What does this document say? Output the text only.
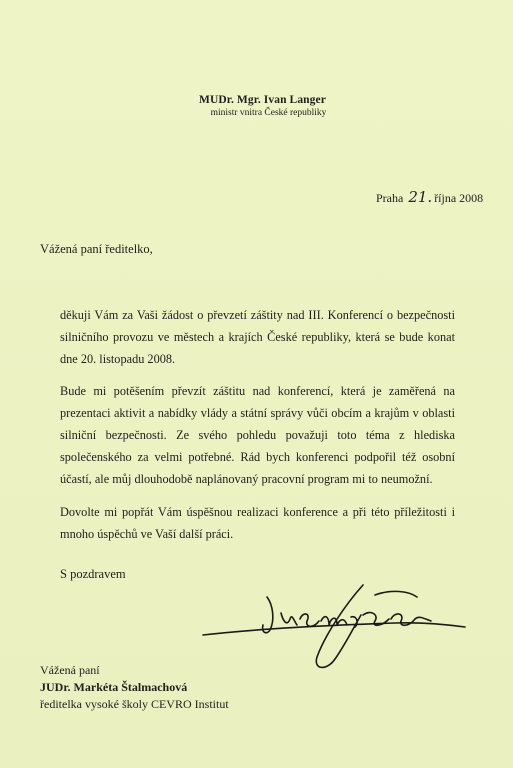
MUDr. Mgr. Ivan Langer
ministr vnitra České republiky
Praha 21. října 2008
Vážená paní ředitelko,
děkuji Vám za Vaši žádost o převzetí záštity nad III. Konferencí o bezpečnosti silničního provozu ve městech a krajích České republiky, která se bude konat dne 20. listopadu 2008.
Bude mi potěšením převzít záštitu nad konferencí, která je zaměřená na prezentaci aktivit a nabídky vlády a státní správy vůči obcím a krajům v oblasti silniční bezpečnosti. Ze svého pohledu považuji toto téma z hlediska společenského za velmi potřebné. Rád bych konferenci podpořil též osobní účastí, ale můj dlouhodobě naplánovaný pracovní program mi to neumožní.
Dovolte mi popřát Vám úspěšnou realizaci konference a při této příležitosti i mnoho úspěchů ve Vaší další práci.
S pozdravem
Vážená paní
JUDr. Markéta Štalmachová
ředitelka vysoké školy CEVRO Institut
